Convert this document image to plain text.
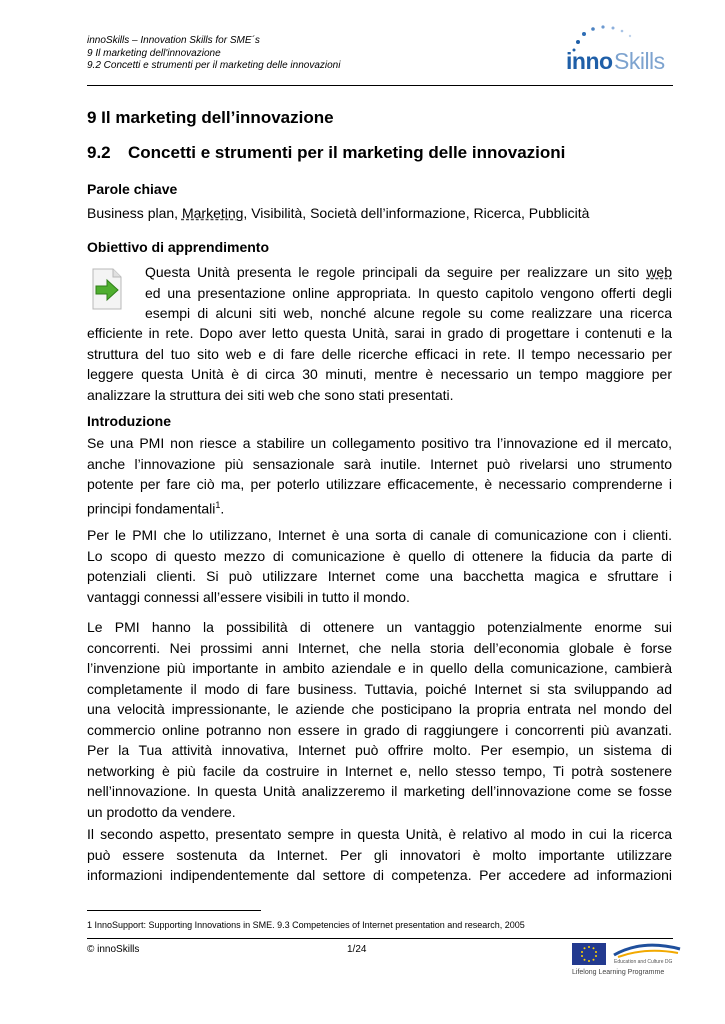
innoSkills – Innovation Skills for SME´s
9 Il marketing dell'innovazione
9.2 Concetti e strumenti per il marketing delle innovazioni	inno Skills
9 Il marketing dell’innovazione
9.2 Concetti e strumenti per il marketing delle innovazioni
Parole chiave
Business plan, Marketing, Visibilità, Società dell’informazione, Ricerca, Pubblicità
Obiettivo di apprendimento
Questa Unità presenta le regole principali da seguire per realizzare un sito web
ed una presentazione online appropriata. In questo capitolo vengono offerti degli
esempi di alcuni siti web, nonché alcune regole su come realizzare una ricerca
efficiente in rete. Dopo aver letto questa Unità, sarai in grado di progettare i contenuti e la
struttura del tuo sito web e di fare delle ricerche efficaci in rete. Il tempo necessario per
leggere questa Unità è di circa 30 minuti, mentre è necessario un tempo maggiore per
analizzare la struttura dei siti web che sono stati presentati.
Introduzione
Se una PMI non riesce a stabilire un collegamento positivo tra l’innovazione ed il mercato,
anche l’innovazione più sensazionale sarà inutile. Internet può rivelarsi uno strumento
potente per fare ciò ma, per poterlo utilizzare efficacemente, è necessario comprenderne i
principi fondamentali$^1$.
Per le PMI che lo utilizzano, Internet è una sorta di canale di comunicazione con i clienti.
Lo scopo di questo mezzo di comunicazione è quello di ottenere la fiducia da parte di
potenziali clienti. Si può utilizzare Internet come una bacchetta magica e sfruttare i
vantaggi connessi all’essere visibili in tutto il mondo.
Le PMI hanno la possibilità di ottenere un vantaggio potenzialmente enorme sui
concorrenti. Nei prossimi anni Internet, che nella storia dell’economia globale è forse
l’invenzione più importante in ambito aziendale e in quello della comunicazione, cambierà
completamente il modo di fare business. Tuttavia, poiché Internet si sta sviluppando ad
una velocità impressionante, le aziende che posticipano la propria entrata nel mondo del
commercio online potranno non essere in grado di raggiungere i concorrenti più avanzati.
Per la Tua attività innovativa, Internet può offrire molto. Per esempio, un sistema di
networking è più facile da costruire in Internet e, nello stesso tempo, Ti potrà sostenere
nell’innovazione. In questa Unità analizzeremo il marketing dell’innovazione come se fosse
un prodotto da vendere.
Il secondo aspetto, presentato sempre in questa Unità, è relativo al modo in cui la ricerca
può essere sostenuta da Internet. Per gli innovatori è molto importante utilizzare
informazioni indipendentemente dal settore di competenza. Per accedere ad informazioni
1 InnoSupport: Supporting Innovations in SME. 9.3 Competencies of Internet presentation and research, 2005
© innoSkills	1/24
Education and Culture DG
Lifelong Learning Programme
